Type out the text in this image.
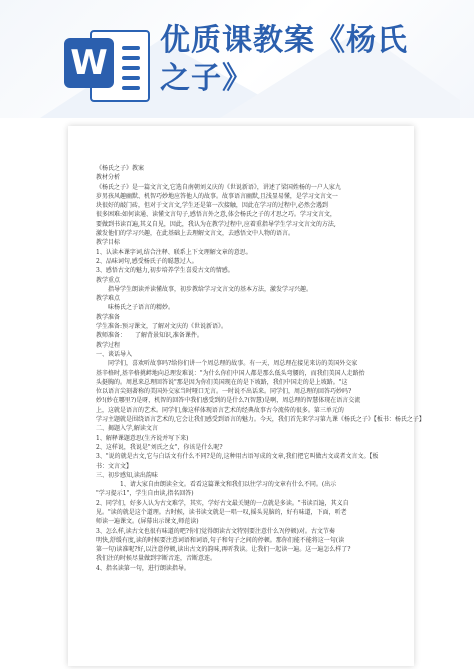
W
优质课教案《杨氏
之子》
《杨氏之子》教案
教材分析
《杨氏之子》是一篇文言文,它选自南朝刘义庆的《世说新语》，讲述了梁国姓杨的一户人家九
岁男孩风趣幽默、机智巧妙地应答他人的故事。故事语言幽默,且浅显易懂，是学习文言文一
块很好的敲门砖，但对于文言文,学生还是第一次接触，因此在学习的过程中,必然会遇到
很多困难:如何读通、读懂文言句子,感悟言外之意,体会杨氏之子的才思之巧。学习文言文，
要做到书读百遍,其义自见，因此，我认为在教学过程中,应着重指导学生学习文言文的方法,
激发他们的学习兴趣，在此基础上去理解文言文，去感悟文中人物的语言。
教学目标
1、认读本课字词,结合注释、联系上下文理解文章的意思。
2、品味词句,感受杨氏子的聪慧过人。
3、感悟古文的魅力,初步培养学生喜爱古文的情感。
教学重点
指导学生朗读并读懂故事，初步教给学习文言文的基本方法，激发学习兴趣。
教学难点
味杨氏之子语言的精妙。
教学准备
学生准备:预习课文，了解对文庆的《世说新语》。
教师准备：　　了解背景知识,准备课件。
教学过程
一、谈话导入
同学们，喜欢听故事吗?给你们讲一个周总理的故事。有一天，周总理在接见来访的美国外交家
基辛格时,基辛格挑衅地向总理发难说："为什么你们中国人都是那么低头弯腰的，而我们美国人走路抬
头挺胸的。周恩来总理回答说"那是因为你们美国现在的是下坡路，我们中国走的是上坡路。"这
位以语言尖刻著称的美国外交家当时哑口无言。一时说不出话来。同学们，周总理的回答巧妙吗?
妙!(妙在哪里?)是呀，机智的回答中我们感受到的是什么?(智慧)是啊，周总理的智慧体现在语言交流
上，这就是语言的艺术。同学们,像这样体现语言艺术的经典故事古今流传的很多。第三单元的
学习主题就是围绕语言艺术的,它会让我们感受到语言的魅力。今天，我们首先来学习第九课《杨氏之子》【板书：杨氏之子】
二、揭题入学,解读文言
1、解释课题意思(生齐说并写下来)
2、这样说，我说是"刘氏之女"，你该是什么呢?
3、"说的就是古文,它与白话文有什么不同?是的,这种用古语写成的文章,我们把它叫做古文或者文言文。【板
书：文言文】
三、初步感知,读出韵味
1、请大家自由朗读全文。看看这篇课文和我们以往学习的文章有什么不同。(出示
"学习提示1"，学生自由读,指名回答)
2、同学们，好多人认为古文难学，其实，学好古文最关键的一点就是多读。"书读百遍，其义自
见。"读的就是这个道理。古时候，读书读文就是一唱一叹,摇头晃脑的，好有味道，下面，听老
师读一遍课文。(屏幕出示课文,师范读)
3、怎么样,读古文也很有味道的吧?你们觉得朗读古文特别要注意什么?(停顿)对。古文节奏
明快,舒缓有度,读的时候要注意词语和词语,句子和句子之间的停顿。那你们能不能将这一句(读
第一句)读准呢?好,以注意停顿,读出古文的韵味,再听我读。让我们一起读一遍。这一遍怎么样了?
我们注的时候尽量做到字断音连，音断意连。
4、指名读第一句，进行朗读指导。
